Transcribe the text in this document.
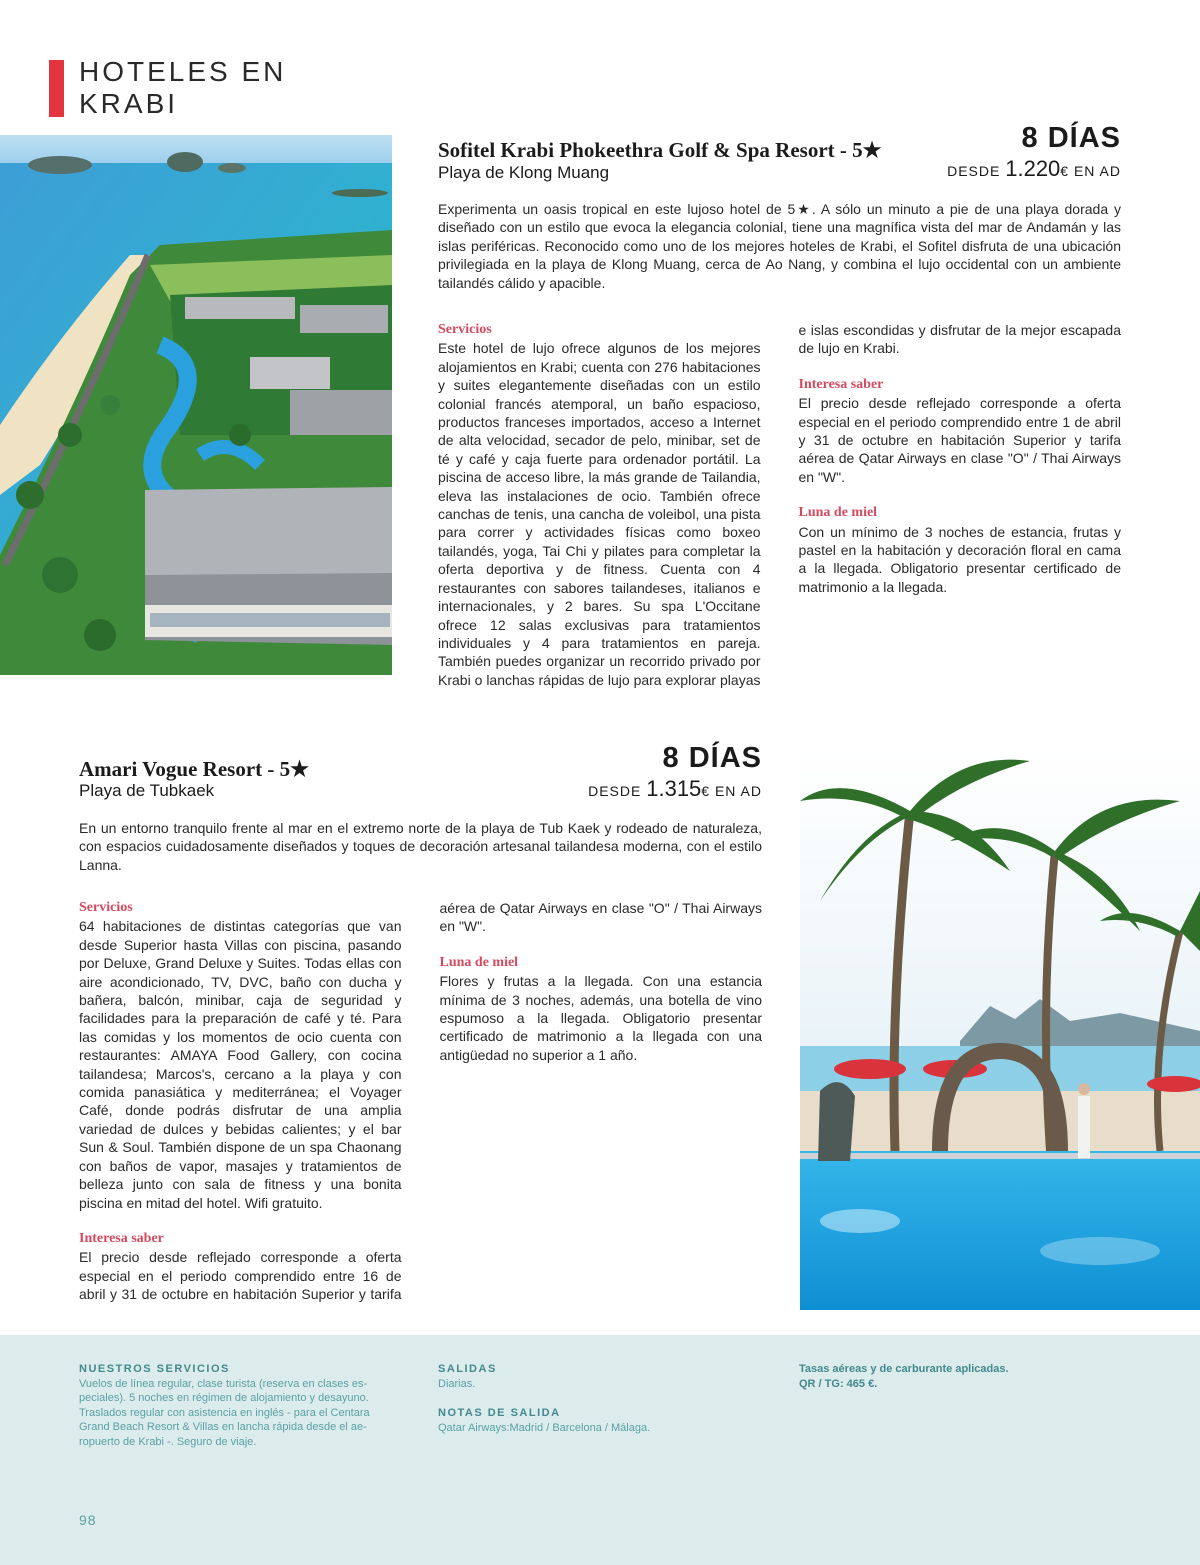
HOTELES EN
KRABI
Sofitel Krabi Phokeethra Golf & Spa Resort - 5★
Playa de Klong Muang
8 DÍAS
DESDE 1.220€ EN AD
Experimenta un oasis tropical en este lujoso hotel de 5★. A sólo un minuto a pie de una playa dorada y diseñado con un estilo que evoca la elegancia colonial, tiene una magnífica vista del mar de Andamán y las islas periféricas. Reconocido como uno de los mejores hoteles de Krabi, el Sofitel disfruta de una ubicación privilegiada en la playa de Klong Muang, cerca de Ao Nang, y combina el lujo occidental con un ambiente tailandés cálido y apacible.

Servicios

Este hotel de lujo ofrece algunos de los mejores alojamientos en Krabi; cuenta con 276 habitaciones y suites elegantemente diseñadas con un estilo colonial francés atemporal, un baño espacioso, productos franceses importados, acceso a Internet de alta velocidad, secador de pelo, minibar, set de té y café y caja fuerte para ordenador portátil. La piscina de acceso libre, la más grande de Tailandia, eleva las instalaciones de ocio. También ofrece canchas de tenis, una cancha de voleibol, una pista para correr y actividades físicas como boxeo tailandés, yoga, Tai Chi y pilates para completar la oferta deportiva y de fitness. Cuenta con 4 restaurantes con sabores tailandeses, italianos e internacionales, y 2 bares. Su spa L'Occitane ofrece 12 salas exclusivas para tratamientos individuales y 4 para tratamientos en pareja. También puedes organizar un recorrido privado por Krabi o lanchas rápidas de lujo para explorar playas e islas escondidas y disfrutar de la mejor escapada de lujo en Krabi.

Interesa saber

El precio desde reflejado corresponde a oferta especial en el periodo comprendido entre 1 de abril y 31 de octubre en habitación Superior y tarifa aérea de Qatar Airways en clase "O" / Thai Airways en "W".

Luna de miel

Con un mínimo de 3 noches de estancia, frutas y pastel en la habitación y decoración floral en cama a la llegada. Obligatorio presentar certificado de matrimonio a la llegada.

Amari Vogue Resort - 5★
Playa de Tubkaek
8 DÍAS
DESDE 1.315€ EN AD
En un entorno tranquilo frente al mar en el extremo norte de la playa de Tub Kaek y rodeado de naturaleza, con espacios cuidadosamente diseñados y toques de decoración artesanal tailandesa moderna, con el estilo Lanna.

Servicios

64 habitaciones de distintas categorías que van desde Superior hasta Villas con piscina, pasando por Deluxe, Grand Deluxe y Suites. Todas ellas con aire acondicionado, TV, DVC, baño con ducha y bañera, balcón, minibar, caja de seguridad y facilidades para la preparación de café y té. Para las comidas y los momentos de ocio cuenta con restaurantes: AMAYA Food Gallery, con cocina tailandesa; Marcos's, cercano a la playa y con comida panasiática y mediterránea; el Voyager Café, donde podrás disfrutar de una amplia variedad de dulces y bebidas calientes; y el bar Sun & Soul. También dispone de un spa Chaonang con baños de vapor, masajes y tratamientos de belleza junto con sala de fitness y una bonita piscina en mitad del hotel. Wifi gratuito.

Interesa saber

El precio desde reflejado corresponde a oferta especial en el periodo comprendido entre 16 de abril y 31 de octubre en habitación Superior y tarifa aérea de Qatar Airways en clase "O" / Thai Airways en "W".

Luna de miel

Flores y frutas a la llegada. Con una estancia mínima de 3 noches, además, una botella de vino espumoso a la llegada. Obligatorio presentar certificado de matrimonio a la llegada con una antigüedad no superior a 1 año.

NUESTROS SERVICIOS
Vuelos de línea regular, clase turista (reserva en clases es-
peciales). 5 noches en régimen de alojamiento y desayuno.
Traslados regular con asistencia en inglés - para el Centara
Grand Beach Resort & Villas en lancha rápida desde el ae-
ropuerto de Krabi -. Seguro de viaje.
SALIDAS
Diarias.
NOTAS DE SALIDA
Qatar Airways:Madrid / Barcelona / Málaga.
Tasas aéreas y de carburante aplicadas.
QR / TG: 465 €.
98
